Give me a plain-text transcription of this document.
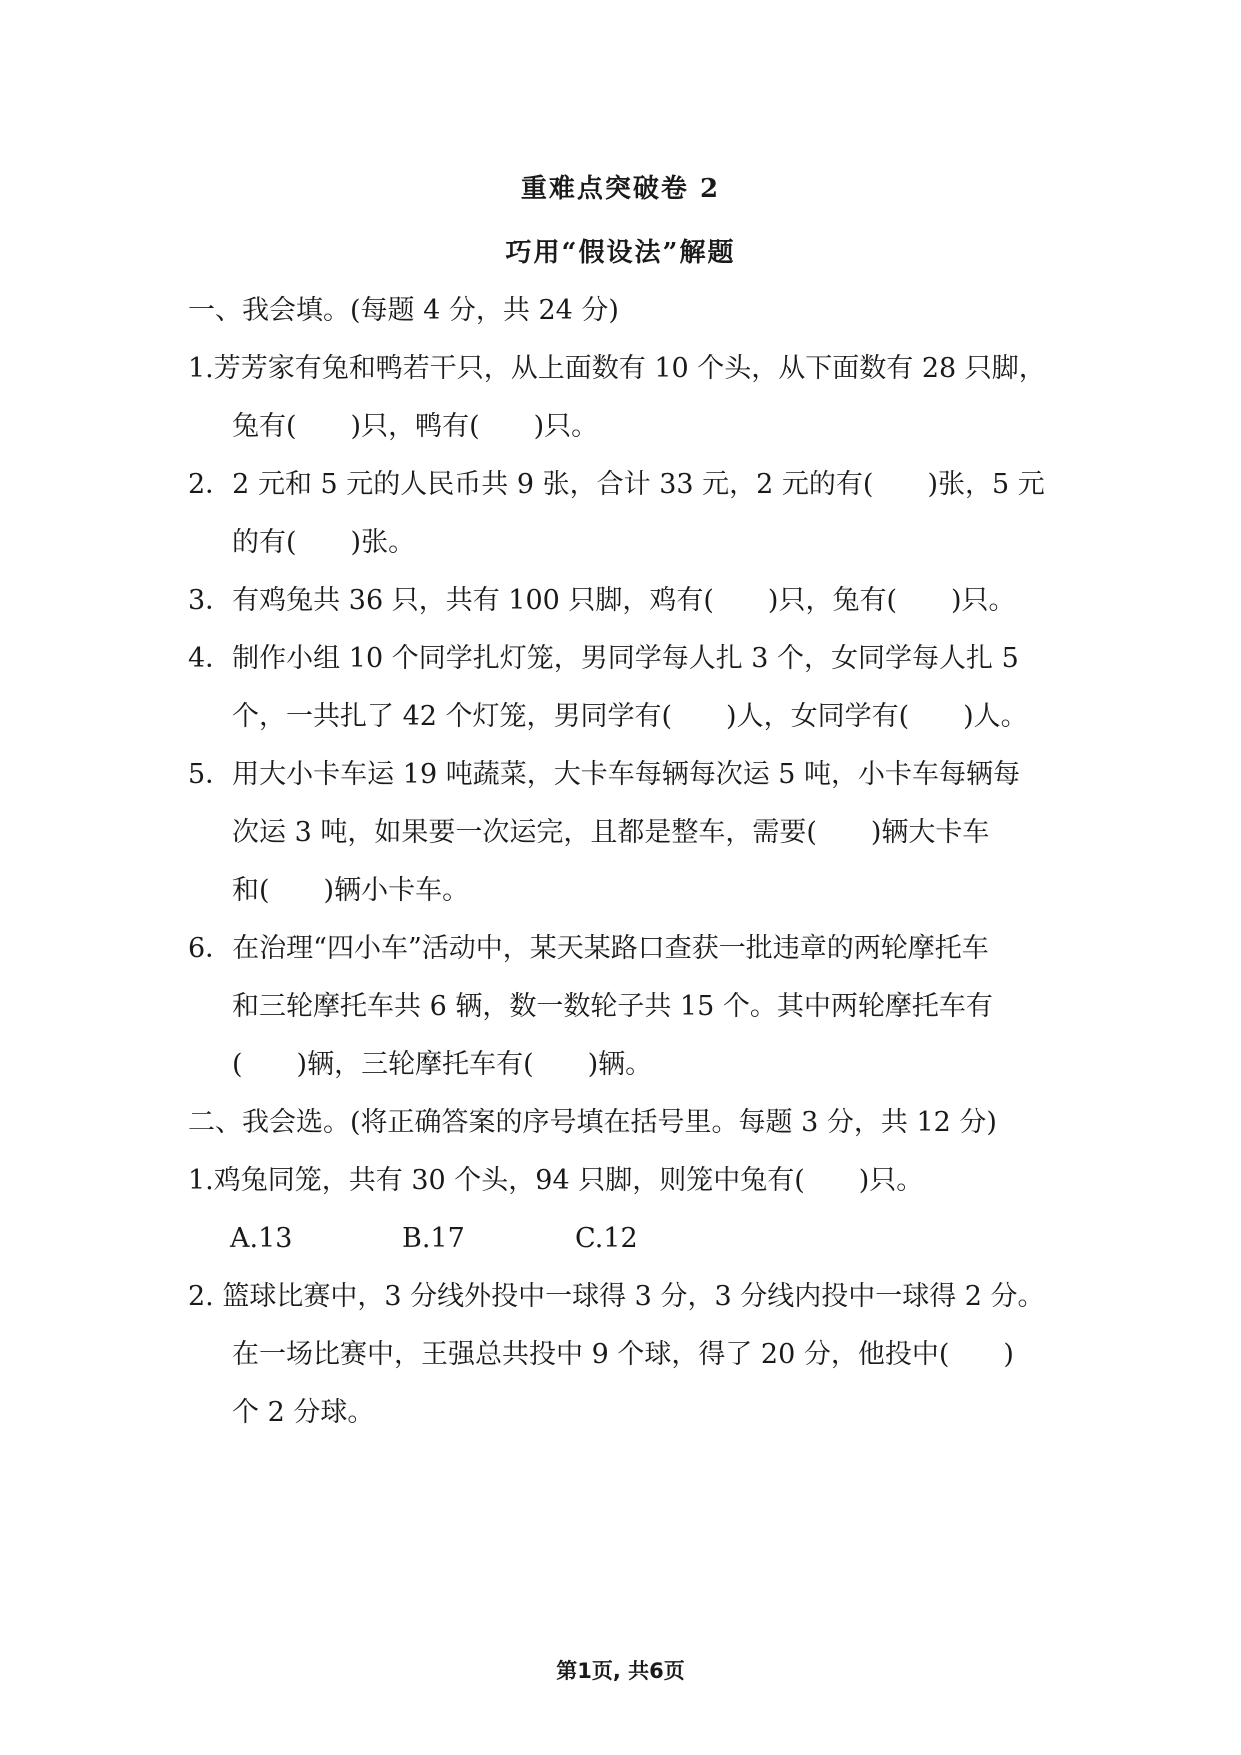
重难点突破卷 2
巧用“假设法”解题
一、我会填。(每题 4 分，共 24 分)
1.芳芳家有兔和鸭若干只，从上面数有 10 个头，从下面数有 28 只脚，
兔有(　　)只，鸭有(　　)只。
2．2 元和 5 元的人民币共 9 张，合计 33 元，2 元的有(　　)张，5 元
的有(　　)张。
3．有鸡兔共 36 只，共有 100 只脚，鸡有(　　)只，兔有(　　)只。
4．制作小组 10 个同学扎灯笼，男同学每人扎 3 个，女同学每人扎 5
个，一共扎了 42 个灯笼，男同学有(　　)人，女同学有(　　)人。
5．用大小卡车运 19 吨蔬菜，大卡车每辆每次运 5 吨，小卡车每辆每
次运 3 吨，如果要一次运完，且都是整车，需要(　　)辆大卡车
和(　　)辆小卡车。
6．在治理“四小车”活动中，某天某路口查获一批违章的两轮摩托车
和三轮摩托车共 6 辆，数一数轮子共 15 个。其中两轮摩托车有
(　　)辆，三轮摩托车有(　　)辆。
二、我会选。(将正确答案的序号填在括号里。每题 3 分，共 12 分)
1.鸡兔同笼，共有 30 个头，94 只脚，则笼中兔有(　　)只。
A.13	B.17	C.12
2. 篮球比赛中，3 分线外投中一球得 3 分，3 分线内投中一球得 2 分。
在一场比赛中，王强总共投中 9 个球，得了 20 分，他投中(　　)
个 2 分球。
第1页, 共6页
